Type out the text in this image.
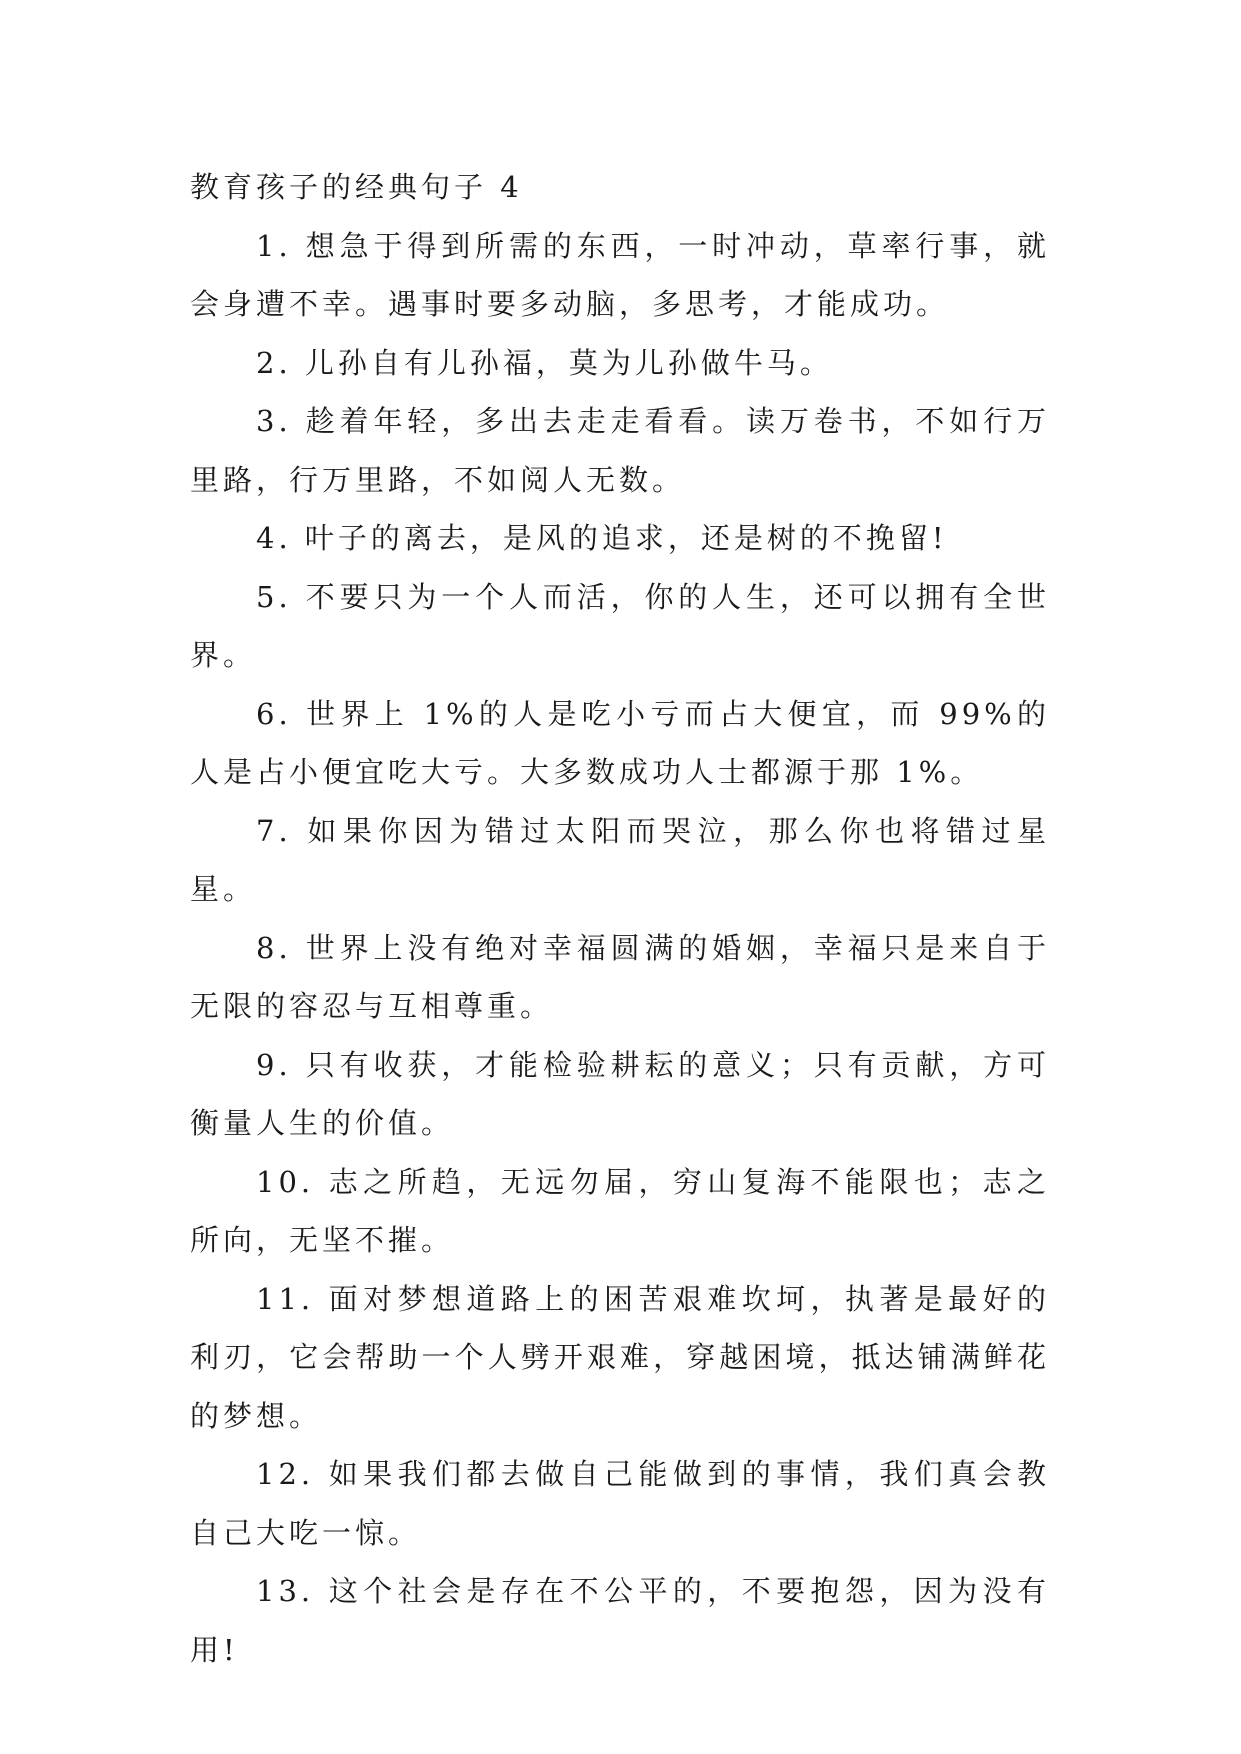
教育孩子的经典句子 4

1. 想急于得到所需的东西，一时冲动，草率行事，就会身遭不幸。遇事时要多动脑，多思考，才能成功。

2. 儿孙自有儿孙福，莫为儿孙做牛马。

3. 趁着年轻，多出去走走看看。读万卷书，不如行万里路，行万里路，不如阅人无数。

4. 叶子的离去，是风的追求，还是树的不挽留!

5. 不要只为一个人而活，你的人生，还可以拥有全世界。

6. 世界上 1%的人是吃小亏而占大便宜，而 99%的人是占小便宜吃大亏。大多数成功人士都源于那 1%。

7. 如果你因为错过太阳而哭泣，那么你也将错过星星。

8. 世界上没有绝对幸福圆满的婚姻，幸福只是来自于无限的容忍与互相尊重。

9. 只有收获，才能检验耕耘的意义；只有贡献，方可衡量人生的价值。

10. 志之所趋，无远勿届，穷山复海不能限也；志之所向，无坚不摧。

11. 面对梦想道路上的困苦艰难坎坷，执著是最好的利刃，它会帮助一个人劈开艰难，穿越困境，抵达铺满鲜花的梦想。

12. 如果我们都去做自己能做到的事情，我们真会教自己大吃一惊。

13. 这个社会是存在不公平的，不要抱怨，因为没有用!
